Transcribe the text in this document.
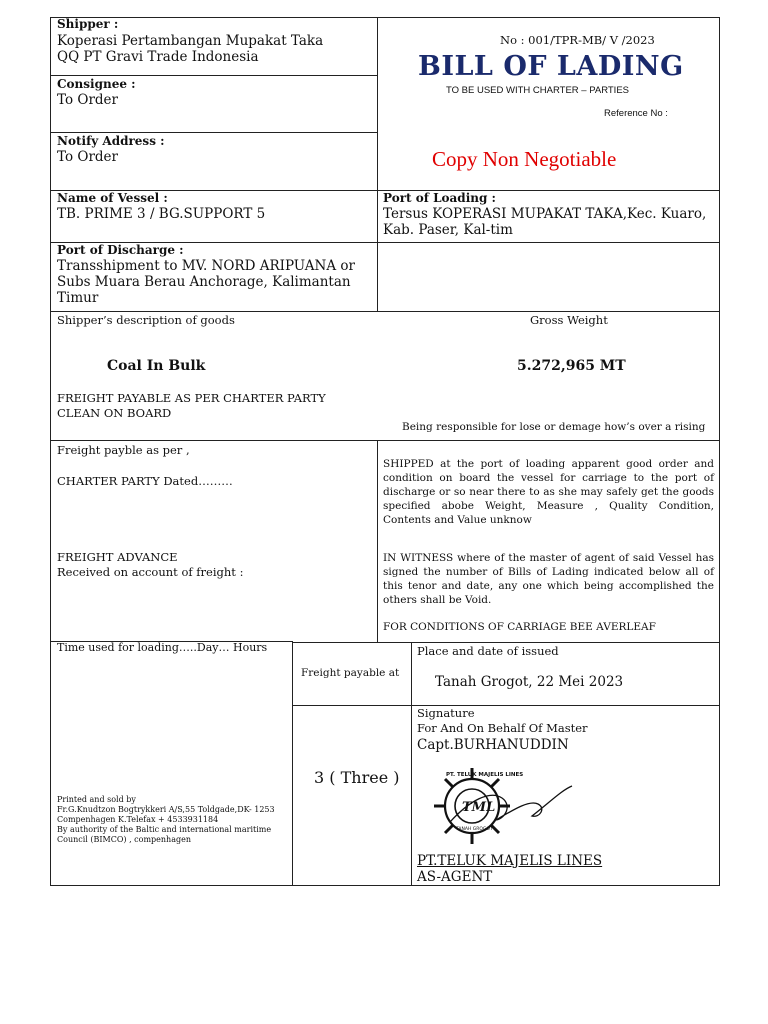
Shipper :
Koperasi Pertambangan Mupakat Taka
QQ PT Gravi Trade Indonesia
No : 001/TPR-MB/ V /2023
BILL OF LADING
TO BE USED WITH CHARTER – PARTIES
Reference No :
Copy Non Negotiable
Consignee :
To Order
Notify Address :
To Order
Name of Vessel :
TB. PRIME 3 / BG.SUPPORT 5
Port of Loading :
Tersus KOPERASI MUPAKAT TAKA,Kec. Kuaro,
Kab. Paser, Kal-tim
Port of Discharge :
Transshipment to MV. NORD ARIPUANA or
Subs Muara Berau Anchorage, Kalimantan
Timur
Shipper’s description of goods	Gross Weight
Coal In Bulk	5.272,965 MT
FREIGHT PAYABLE AS PER CHARTER PARTY
CLEAN ON BOARD
Being responsible for lose or demage how’s over a rising
Freight payble as per ,
CHARTER PARTY Dated………
FREIGHT ADVANCE
Received on account of freight :
SHIPPED at the port of loading apparent good order and condition on board the vessel for carriage to the port of discharge or so near there to as she may safely get the goods specified abobe Weight, Measure , Quality Condition, Contents and Value unknow
IN WITNESS where of the master of agent of said Vessel has signed the number of Bills of Lading indicated below all of this tenor and date, any one which being accomplished the others shall be Void.
FOR CONDITIONS OF CARRIAGE BEE AVERLEAF
Time used for loading…..Day… Hours
Freight payable at
Place and date of issued
Tanah Grogot, 22 Mei 2023
3 ( Three )
Signature
For And On Behalf Of Master
Capt.BURHANUDDIN
PT. TELUK MAJELIS LINES
TML
TANAH GROGOT
PT.TELUK MAJELIS LINES
AS-AGENT
Printed and sold by
Fr.G.Knudtzon Bogtrykkeri A/S,55 Toldgade,DK- 1253
Compenhagen K.Telefax + 4533931184
By authority of the Baltic and international maritime
Council (BIMCO) , compenhagen
